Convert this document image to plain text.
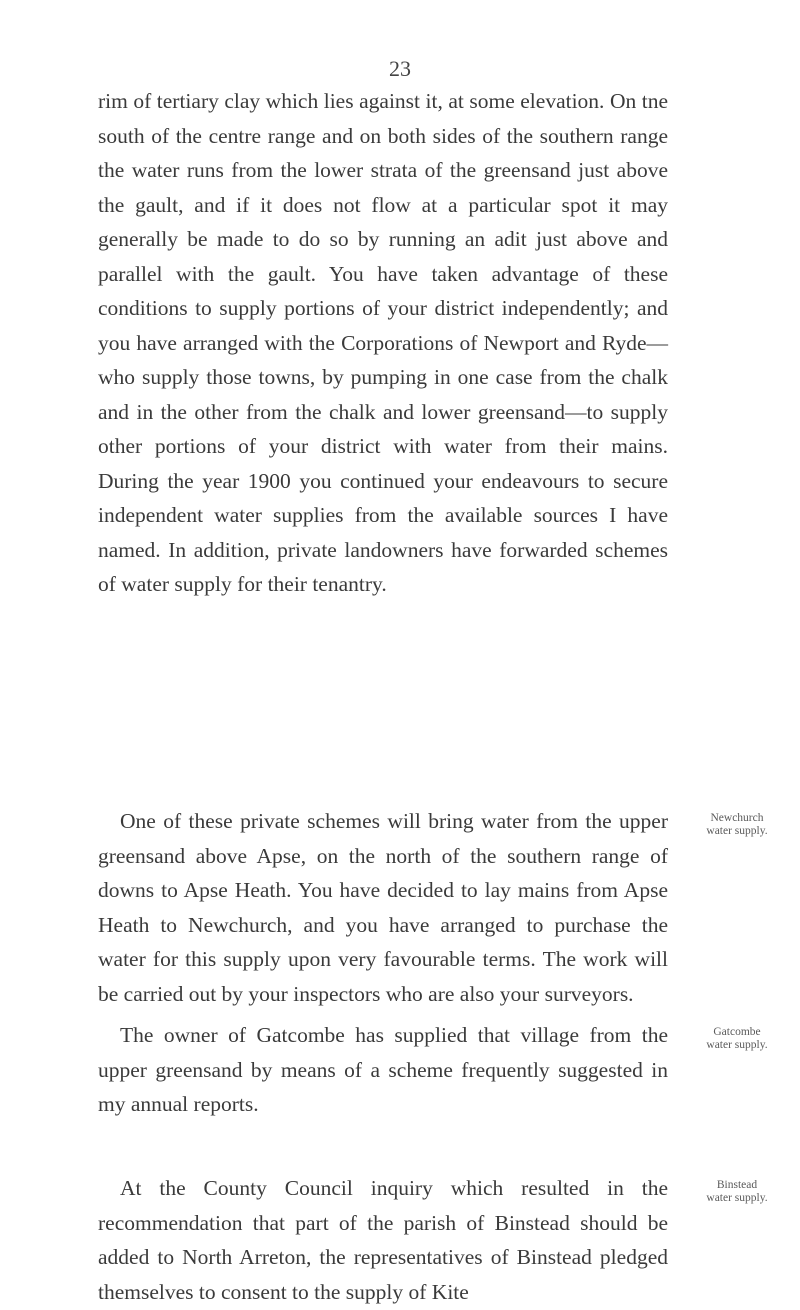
23

rim of tertiary clay which lies against it, at some elevation. On tne south of the centre range and on both sides of the southern range the water runs from the lower strata of the greensand just above the gault, and if it does not flow at a particular spot it may generally be made to do so by running an adit just above and parallel with the gault. You have taken advantage of these conditions to supply portions of your district independently; and you have arranged with the Corporations of Newport and Ryde—who supply those towns, by pumping in one case from the chalk and in the other from the chalk and lower greensand—to supply other portions of your district with water from their mains. During the year 1900 you continued your endeavours to secure independent water supplies from the available sources I have named. In addition, private landowners have forwarded schemes of water supply for their tenantry.

One of these private schemes will bring water from the upper greensand above Apse, on the north of the southern range of downs to Apse Heath. You have decided to lay mains from Apse Heath to Newchurch, and you have arranged to purchase the water for this supply upon very favourable terms. The work will be carried out by your inspectors who are also your surveyors.

Newchurch
water supply.

The owner of Gatcombe has supplied that village from the upper greensand by means of a scheme frequently suggested in my annual reports.

Gatcombe
water supply.

At the County Council inquiry which resulted in the recommendation that part of the parish of Binstead should be added to North Arreton, the representatives of Binstead pledged themselves to consent to the supply of Kite

Binstead
water supply.
